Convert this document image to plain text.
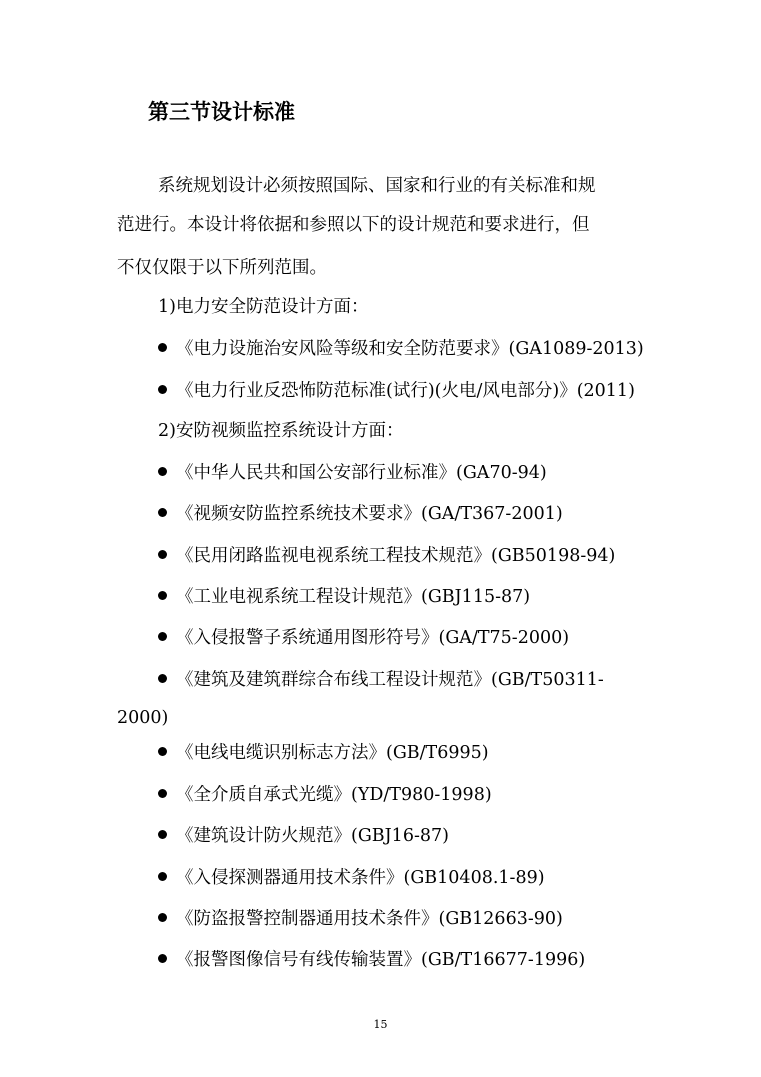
第三节设计标准
系统规划设计必须按照国际、国家和行业的有关标准和规
范进行。本设计将依据和参照以下的设计规范和要求进行，但
不仅仅限于以下所列范围。
1)电力安全防范设计方面：
《电力设施治安风险等级和安全防范要求》(GA1089-2013)
《电力行业反恐怖防范标准(试行)(火电/风电部分)》(2011)
2)安防视频监控系统设计方面：
《中华人民共和国公安部行业标准》(GA70-94)
《视频安防监控系统技术要求》(GA/T367-2001)
《民用闭路监视电视系统工程技术规范》(GB50198-94)
《工业电视系统工程设计规范》(GBJ115-87)
《入侵报警子系统通用图形符号》(GA/T75-2000)
《建筑及建筑群综合布线工程设计规范》(GB/T50311-
2000)
《电线电缆识别标志方法》(GB/T6995)
《全介质自承式光缆》(YD/T980-1998)
《建筑设计防火规范》(GBJ16-87)
《入侵探测器通用技术条件》(GB10408.1-89)
《防盗报警控制器通用技术条件》(GB12663-90)
《报警图像信号有线传输装置》(GB/T16677-1996)
15
